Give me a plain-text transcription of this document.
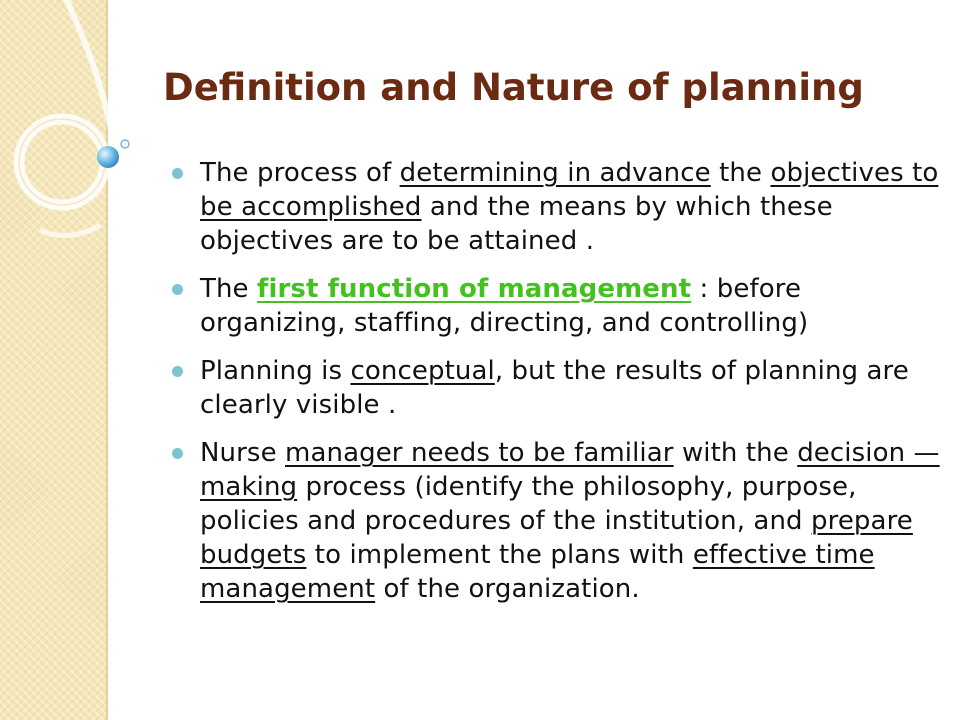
Definition and Nature of planning
The process of determining in advance the objectives to be accomplished and the means by which these objectives are to be attained .
The first function of management : before organizing, staffing, directing, and controlling)
Planning is conceptual, but the results of planning are clearly visible .
Nurse manager needs to be familiar with the decision — making process (identify the philosophy, purpose, policies and procedures of the institution, and prepare budgets to implement the plans with effective time management of the organization.
